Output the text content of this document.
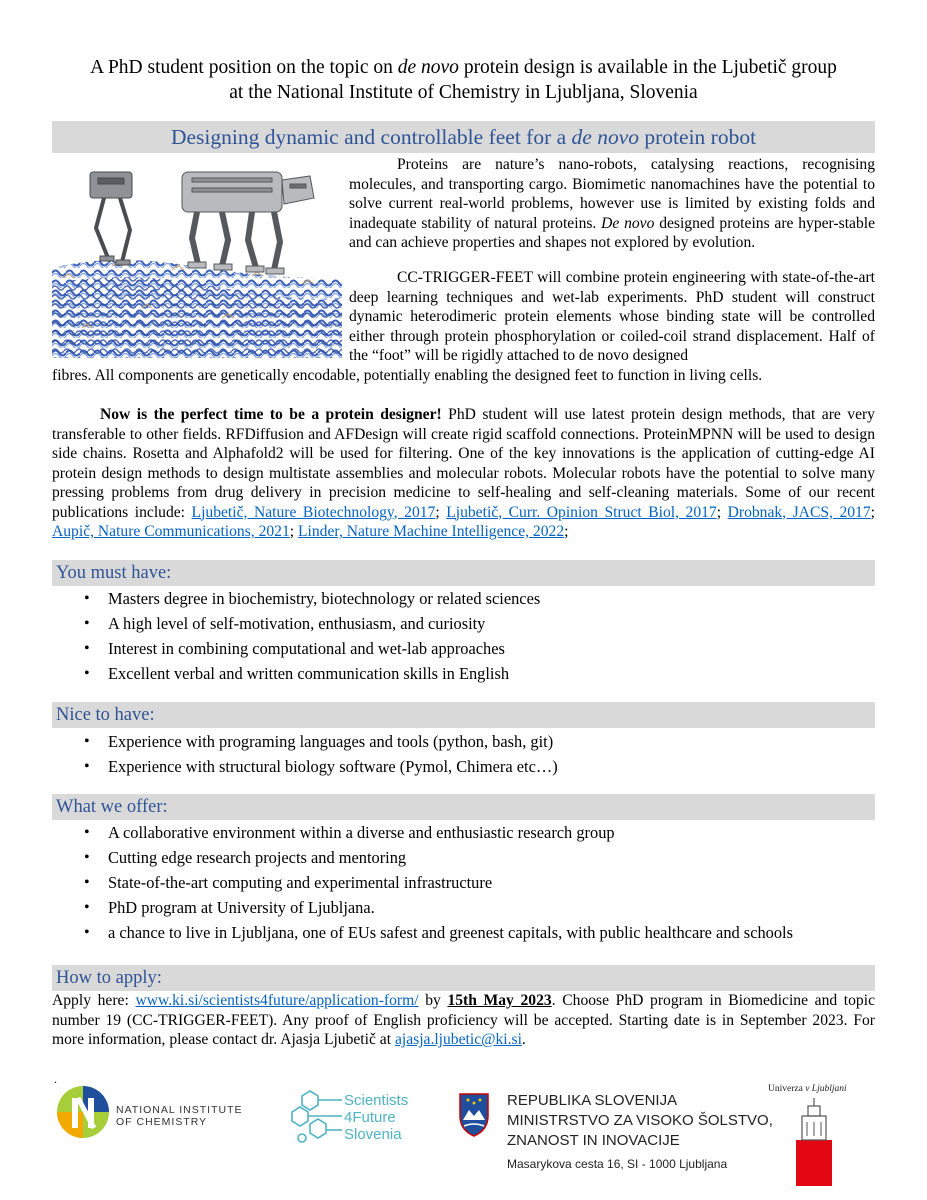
A PhD student position on the topic on de novo protein design is available in the Ljubetič group
at the National Institute of Chemistry in Ljubljana, Slovenia
Designing dynamic and controllable feet for a de novo protein robot
Proteins are nature’s nano-robots, catalysing reactions, recognising molecules, and transporting cargo. Biomimetic nanomachines have the potential to solve current real-world problems, however use is limited by existing folds and inadequate stability of natural proteins. De novo designed proteins are hyper-stable and can achieve properties and shapes not explored by evolution.
CC-TRIGGER-FEET will combine protein engineering with state-of-the-art deep learning techniques and wet-lab experiments. PhD student will construct dynamic heterodimeric protein elements whose binding state will be controlled either through protein phosphorylation or coiled-coil strand displacement. Half of the “foot” will be rigidly attached to de novo designed
fibres. All components are genetically encodable, potentially enabling the designed feet to function in living cells.
Now is the perfect time to be a protein designer! PhD student will use latest protein design methods, that are very transferable to other fields. RFDiffusion and AFDesign will create rigid scaffold connections. ProteinMPNN will be used to design side chains. Rosetta and Alphafold2 will be used for filtering. One of the key innovations is the application of cutting-edge AI protein design methods to design multistate assemblies and molecular robots. Molecular robots have the potential to solve many pressing problems from drug delivery in precision medicine to self-healing and self-cleaning materials. Some of our recent publications include: Ljubetič, Nature Biotechnology, 2017; Ljubetič, Curr. Opinion Struct Biol, 2017; Drobnak, JACS, 2017; Aupič, Nature Communications, 2021; Linder, Nature Machine Intelligence, 2022;
You must have:
• Masters degree in biochemistry, biotechnology or related sciences
• A high level of self-motivation, enthusiasm, and curiosity
• Interest in combining computational and wet-lab approaches
• Excellent verbal and written communication skills in English
Nice to have:
• Experience with programing languages and tools (python, bash, git)
• Experience with structural biology software (Pymol, Chimera etc…)
What we offer:
• A collaborative environment within a diverse and enthusiastic research group
• Cutting edge research projects and mentoring
• State-of-the-art computing and experimental infrastructure
• PhD program at University of Ljubljana.
• a chance to live in Ljubljana, one of EUs safest and greenest capitals, with public healthcare and schools
How to apply:
Apply here: www.ki.si/scientists4future/application-form/ by 15th May 2023. Choose PhD program in Biomedicine and topic number 19 (CC-TRIGGER-FEET). Any proof of English proficiency will be accepted. Starting date is in September 2023. For more information, please contact dr. Ajasja Ljubetič at ajasja.ljubetic@ki.si.
.
NATIONAL INSTITUTE
OF CHEMISTRY
Scientists
4Future
Slovenia
REPUBLIKA SLOVENIJA
MINISTRSTVO ZA VISOKO ŠOLSTVO,
ZNANOST IN INOVACIJE
Masarykova cesta 16, SI - 1000 Ljubljana
Univerza v Ljubljani
